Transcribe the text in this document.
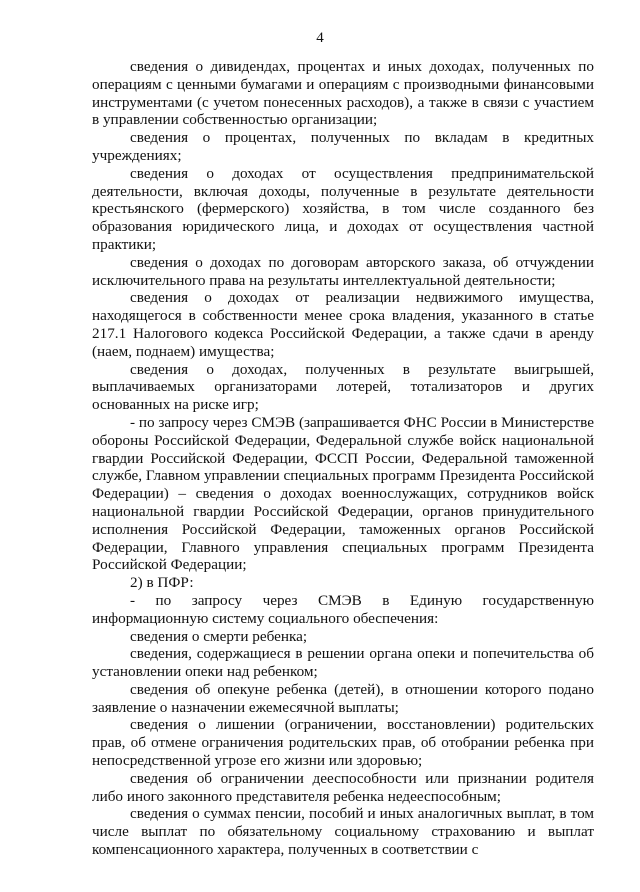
4

сведения о дивидендах, процентах и иных доходах, полученных по операциям с ценными бумагами и операциям с производными финансовыми инструментами (с учетом понесенных расходов), а также в связи с участием в управлении собственностью организации;

сведения о процентах, полученных по вкладам в кредитных учреждениях;

сведения о доходах от осуществления предпринимательской деятельности, включая доходы, полученные в результате деятельности крестьянского (фермерского) хозяйства, в том числе созданного без образования юридического лица, и доходах от осуществления частной практики;

сведения о доходах по договорам авторского заказа, об отчуждении исключительного права на результаты интеллектуальной деятельности;

сведения о доходах от реализации недвижимого имущества, находящегося в собственности менее срока владения, указанного в статье 217.1 Налогового кодекса Российской Федерации, а также сдачи в аренду (наем, поднаем) имущества;

сведения о доходах, полученных в результате выигрышей, выплачиваемых организаторами лотерей, тотализаторов и других основанных на риске игр;

- по запросу через СМЭВ (запрашивается ФНС России в Министерстве обороны Российской Федерации, Федеральной службе войск национальной гвардии Российской Федерации, ФССП России, Федеральной таможенной службе, Главном управлении специальных программ Президента Российской Федерации) – сведения о доходах военнослужащих, сотрудников войск национальной гвардии Российской Федерации, органов принудительного исполнения Российской Федерации, таможенных органов Российской Федерации, Главного управления специальных программ Президента Российской Федерации;

2) в ПФР:

- по запросу через СМЭВ в Единую государственную информационную систему социального обеспечения:

сведения о смерти ребенка;

сведения, содержащиеся в решении органа опеки и попечительства об установлении опеки над ребенком;

сведения об опекуне ребенка (детей), в отношении которого подано заявление о назначении ежемесячной выплаты;

сведения о лишении (ограничении, восстановлении) родительских прав, об отмене ограничения родительских прав, об отобрании ребенка при непосредственной угрозе его жизни или здоровью;

сведения об ограничении дееспособности или признании родителя либо иного законного представителя ребенка недееспособным;

сведения о суммах пенсии, пособий и иных аналогичных выплат, в том числе выплат по обязательному социальному страхованию и выплат компенсационного характера, полученных в соответствии с
